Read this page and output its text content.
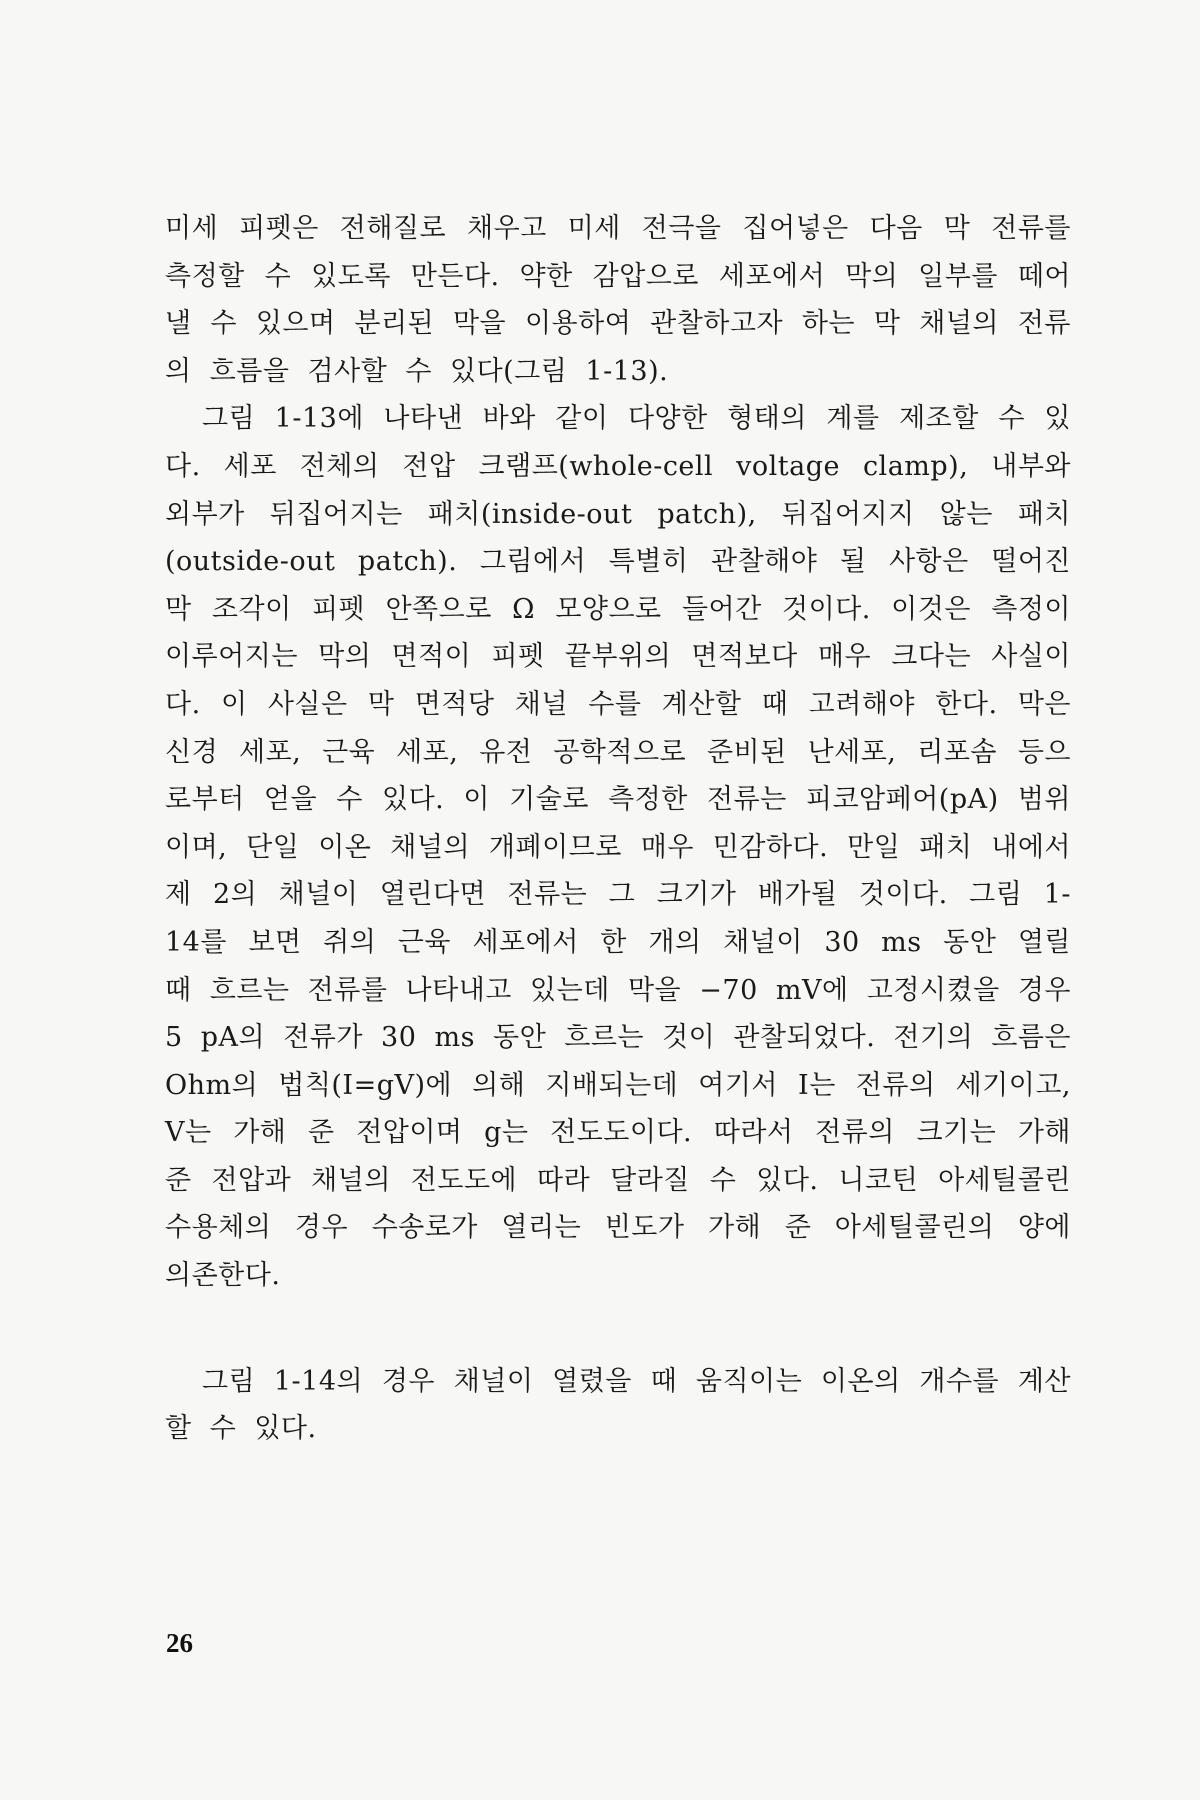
미세 피펫은 전해질로 채우고 미세 전극을 집어넣은 다음 막 전류를 측정할 수 있도록 만든다. 약한 감압으로 세포에서 막의 일부를 떼어 낼 수 있으며 분리된 막을 이용하여 관찰하고자 하는 막 채널의 전류의 흐름을 검사할 수 있다(그림 1-13).

그림 1-13에 나타낸 바와 같이 다양한 형태의 계를 제조할 수 있다. 세포 전체의 전압 크램프(whole-cell voltage clamp), 내부와 외부가 뒤집어지는 패치(inside-out patch), 뒤집어지지 않는 패치(outside-out patch). 그림에서 특별히 관찰해야 될 사항은 떨어진 막 조각이 피펫 안쪽으로 Ω 모양으로 들어간 것이다. 이것은 측정이 이루어지는 막의 면적이 피펫 끝부위의 면적보다 매우 크다는 사실이다. 이 사실은 막 면적당 채널 수를 계산할 때 고려해야 한다. 막은 신경 세포, 근육 세포, 유전 공학적으로 준비된 난세포, 리포솜 등으로부터 얻을 수 있다. 이 기술로 측정한 전류는 피코암페어(pA) 범위이며, 단일 이온 채널의 개폐이므로 매우 민감하다. 만일 패치 내에서 제 2의 채널이 열린다면 전류는 그 크기가 배가될 것이다. 그림 1-14를 보면 쥐의 근육 세포에서 한 개의 채널이 30 ms 동안 열릴 때 흐르는 전류를 나타내고 있는데 막을 −70 mV에 고정시켰을 경우 5 pA의 전류가 30 ms 동안 흐르는 것이 관찰되었다. 전기의 흐름은 Ohm의 법칙(I=gV)에 의해 지배되는데 여기서 I는 전류의 세기이고, V는 가해 준 전압이며 g는 전도도이다. 따라서 전류의 크기는 가해 준 전압과 채널의 전도도에 따라 달라질 수 있다. 니코틴 아세틸콜린 수용체의 경우 수송로가 열리는 빈도가 가해 준 아세틸콜린의 양에 의존한다.

그림 1-14의 경우 채널이 열렸을 때 움직이는 이온의 개수를 계산할 수 있다.

26
